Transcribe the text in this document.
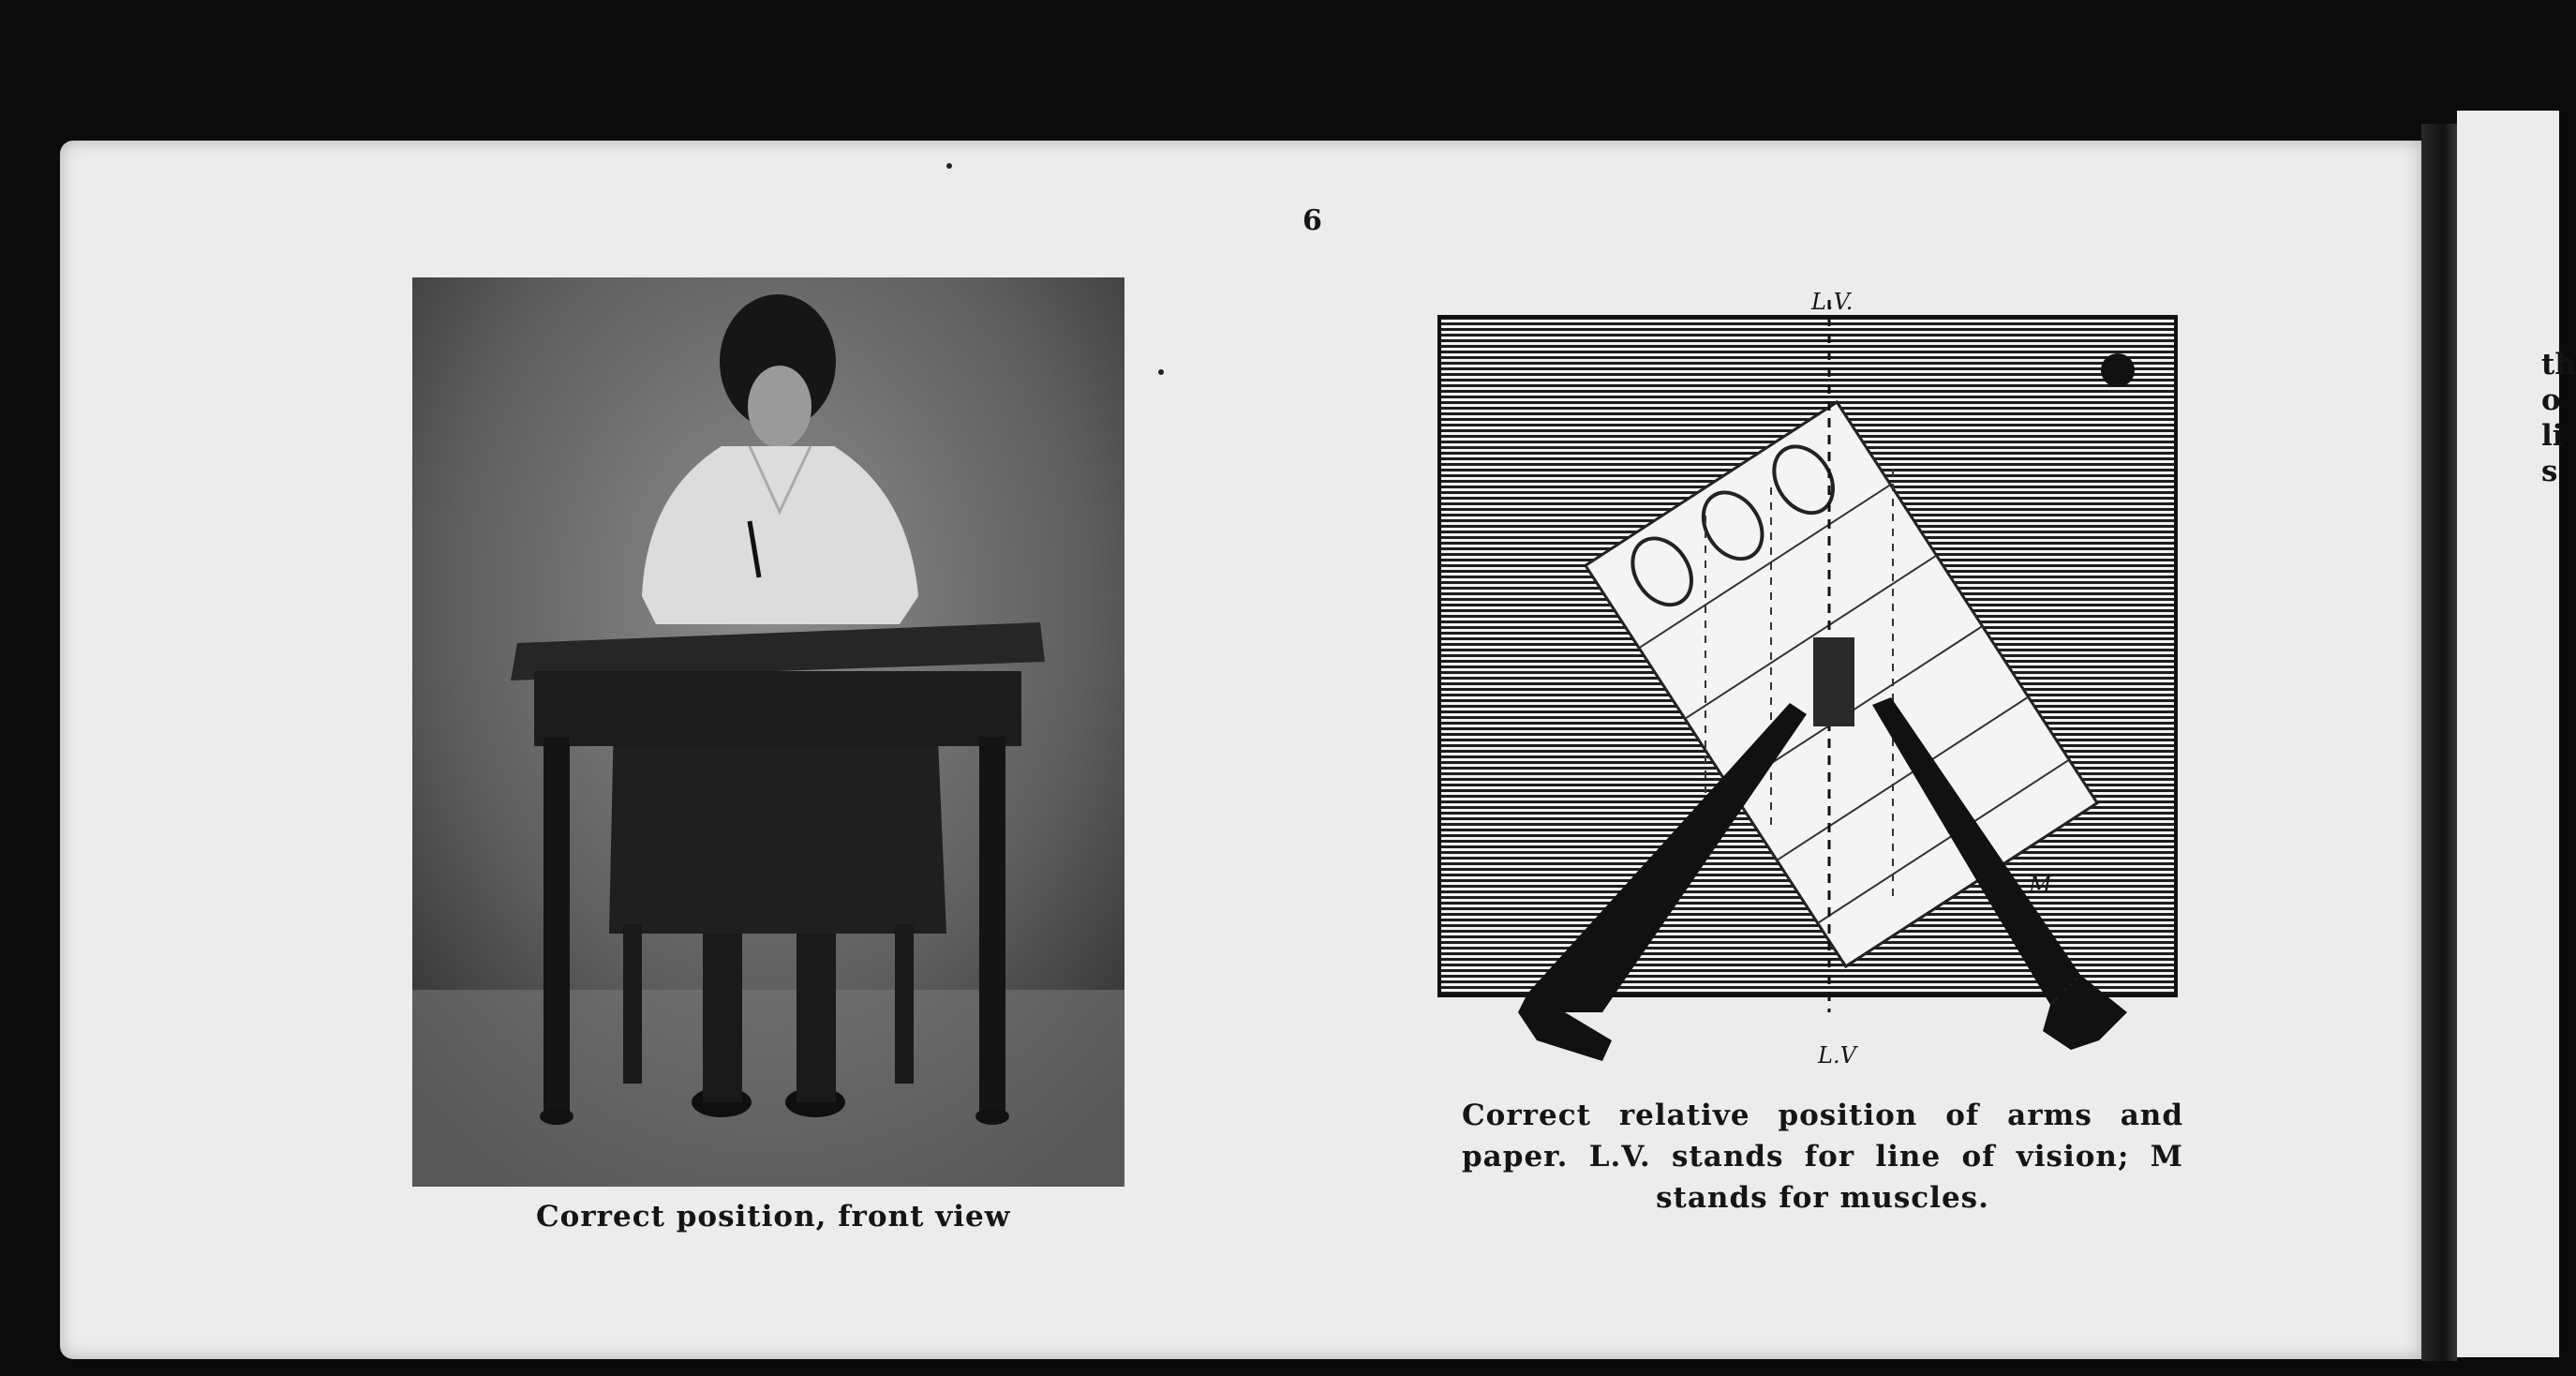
th
o
li
s
6
Correct position, front view
L.V.
L.V
M
Correct relative position of arms and paper. L.V. stands for line of vision; M stands for muscles.
